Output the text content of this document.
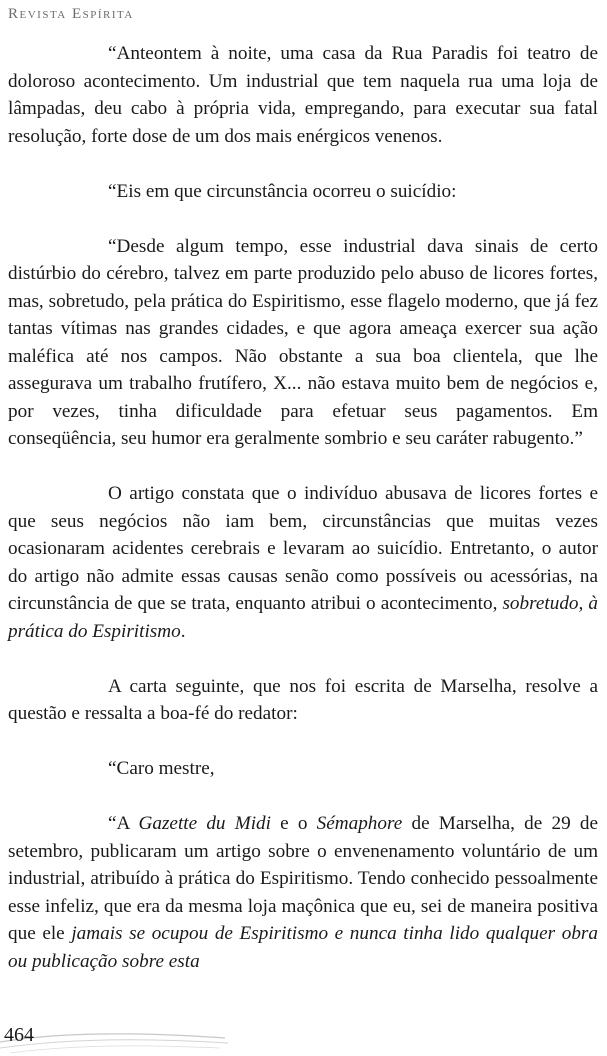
Revista Espírita

“Anteontem à noite, uma casa da Rua Paradis foi teatro de doloroso acontecimento. Um industrial que tem naquela rua uma loja de lâmpadas, deu cabo à própria vida, empregando, para executar sua fatal resolução, forte dose de um dos mais enérgicos venenos.

“Eis em que circunstância ocorreu o suicídio:

“Desde algum tempo, esse industrial dava sinais de certo distúrbio do cérebro, talvez em parte produzido pelo abuso de licores fortes, mas, sobretudo, pela prática do Espiritismo, esse flagelo moderno, que já fez tantas vítimas nas grandes cidades, e que agora ameaça exercer sua ação maléfica até nos campos. Não obstante a sua boa clientela, que lhe assegurava um trabalho frutífero, X... não estava muito bem de negócios e, por vezes, tinha dificuldade para efetuar seus pagamentos. Em conseqüência, seu humor era geralmente sombrio e seu caráter rabugento.”

O artigo constata que o indivíduo abusava de licores fortes e que seus negócios não iam bem, circunstâncias que muitas vezes ocasionaram acidentes cerebrais e levaram ao suicídio. Entretanto, o autor do artigo não admite essas causas senão como possíveis ou acessórias, na circunstância de que se trata, enquanto atribui o acontecimento, sobretudo, à prática do Espiritismo.

A carta seguinte, que nos foi escrita de Marselha, resolve a questão e ressalta a boa-fé do redator:

“Caro mestre,

“A Gazette du Midi e o Sémaphore de Marselha, de 29 de setembro, publicaram um artigo sobre o envenenamento voluntário de um industrial, atribuído à prática do Espiritismo. Tendo conhecido pessoalmente esse infeliz, que era da mesma loja maçônica que eu, sei de maneira positiva que ele jamais se ocupou de Espiritismo e nunca tinha lido qualquer obra ou publicação sobre esta

464
